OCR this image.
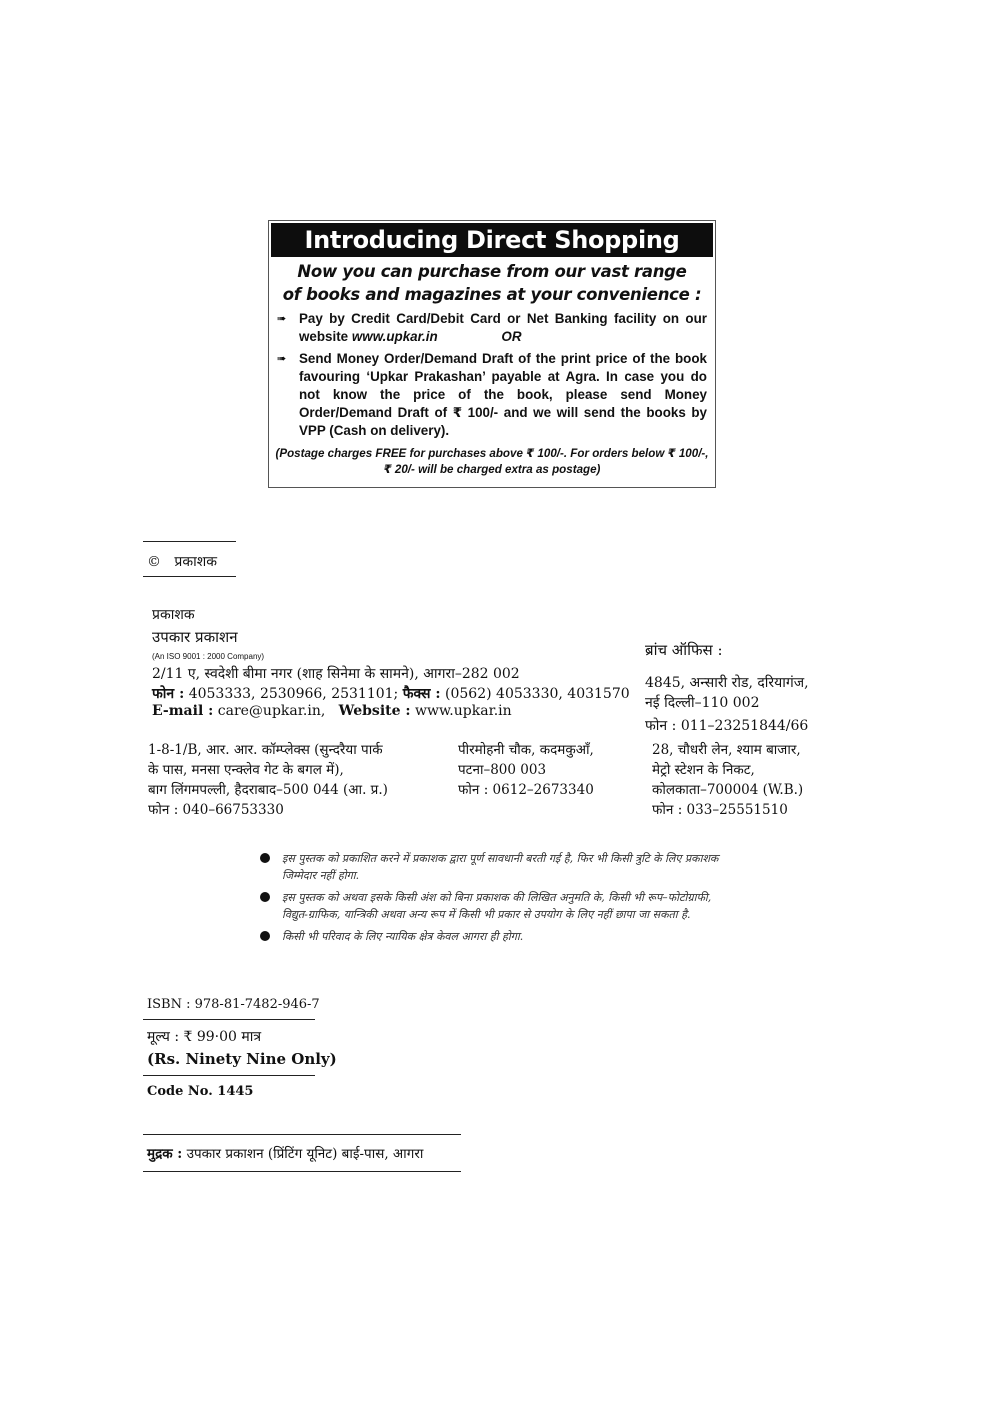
Introducing Direct Shopping
Now you can purchase from our vast range
of books and magazines at your convenience :
➠ Pay by Credit Card/Debit Card or Net Banking facility on our website www.upkar.in	OR
➠ Send Money Order/Demand Draft of the print price of the book favouring ‘Upkar Prakashan’ payable at Agra. In case you do not know the price of the book, please send Money Order/Demand Draft of ₹ 100/- and we will send the books by VPP (Cash on delivery).
(Postage charges FREE for purchases above ₹ 100/-. For orders below ₹ 100/-, ₹ 20/- will be charged extra as postage)
© प्रकाशक
प्रकाशक
उपकार प्रकाशन
(An ISO 9001 : 2000 Company)
2/11 ए, स्वदेशी बीमा नगर (शाह सिनेमा के सामने), आगरा–282 002
फोन : 4053333, 2530966, 2531101; फैक्स : (0562) 4053330, 4031570
E-mail : care@upkar.in, Website : www.upkar.in
ब्रांच ऑफिस :
4845, अन्सारी रोड, दरियागंज,
नई दिल्ली–110 002
फोन : 011–23251844/66
1-8-1/B, आर. आर. कॉम्प्लेक्स (सुन्दरैया पार्क
के पास, मनसा एन्क्लेव गेट के बगल में),
बाग लिंगमपल्ली, हैदराबाद–500 044 (आ. प्र.)
फोन : 040–66753330
पीरमोहनी चौक, कदमकुआँ,
पटना–800 003
फोन : 0612–2673340
28, चौधरी लेन, श्याम बाजार,
मेट्रो स्टेशन के निकट,
कोलकाता–700004 (W.B.)
फोन : 033–25551510
इस पुस्तक को प्रकाशित करने में प्रकाशक द्वारा पूर्ण सावधानी बरती गई है, फिर भी किसी त्रुटि के लिए प्रकाशक जिम्मेदार नहीं होगा.
इस पुस्तक को अथवा इसके किसी अंश को बिना प्रकाशक की लिखित अनुमति के, किसी भी रूप–फोटोग्राफी, विद्युत-ग्राफिक, यान्त्रिकी अथवा अन्य रूप में किसी भी प्रकार से उपयोग के लिए नहीं छापा जा सकता है.
किसी भी परिवाद के लिए न्यायिक क्षेत्र केवल आगरा ही होगा.
ISBN : 978-81-7482-946-7
मूल्य : ₹ 99·00 मात्र
(Rs. Ninety Nine Only)
Code No. 1445
मुद्रक : उपकार प्रकाशन (प्रिंटिंग यूनिट) बाई-पास, आगरा
